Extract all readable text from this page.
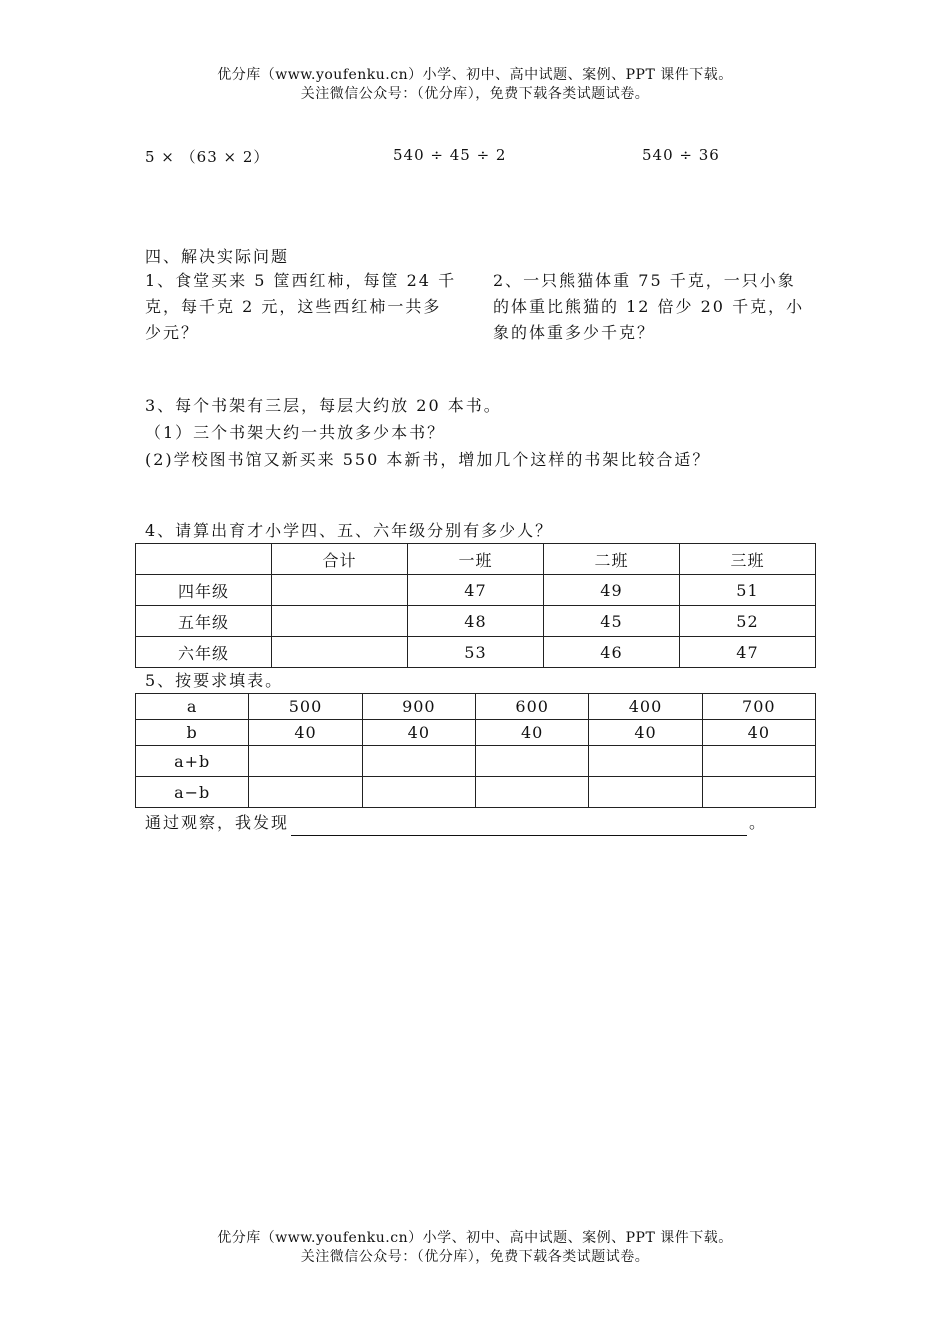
优分库（www.youfenku.cn）小学、初中、高中试题、案例、PPT 课件下载。
关注微信公众号：（优分库），免费下载各类试题试卷。
5 × （63 × 2）	540 ÷ 45 ÷ 2	540 ÷ 36
四、解决实际问题
1、食堂买来 5 筐西红柿，每筐 24 千
克，每千克 2 元，这些西红柿一共多
少元？
2、一只熊猫体重 75 千克，一只小象
的体重比熊猫的 12 倍少 20 千克，小
象的体重多少千克？
3、每个书架有三层，每层大约放 20 本书。
（1）三个书架大约一共放多少本书？
(2)学校图书馆又新买来 550 本新书，增加几个这样的书架比较合适？
4、请算出育才小学四、五、六年级分别有多少人？
	合计	一班	二班	三班
四年级		47	49	51
五年级		48	45	52
六年级		53	46	47
5、按要求填表。
a	500	900	600	400	700
b	40	40	40	40	40
a+b					
a−b					
通过观察，我发现	。
优分库（www.youfenku.cn）小学、初中、高中试题、案例、PPT 课件下载。
关注微信公众号：（优分库），免费下载各类试题试卷。
